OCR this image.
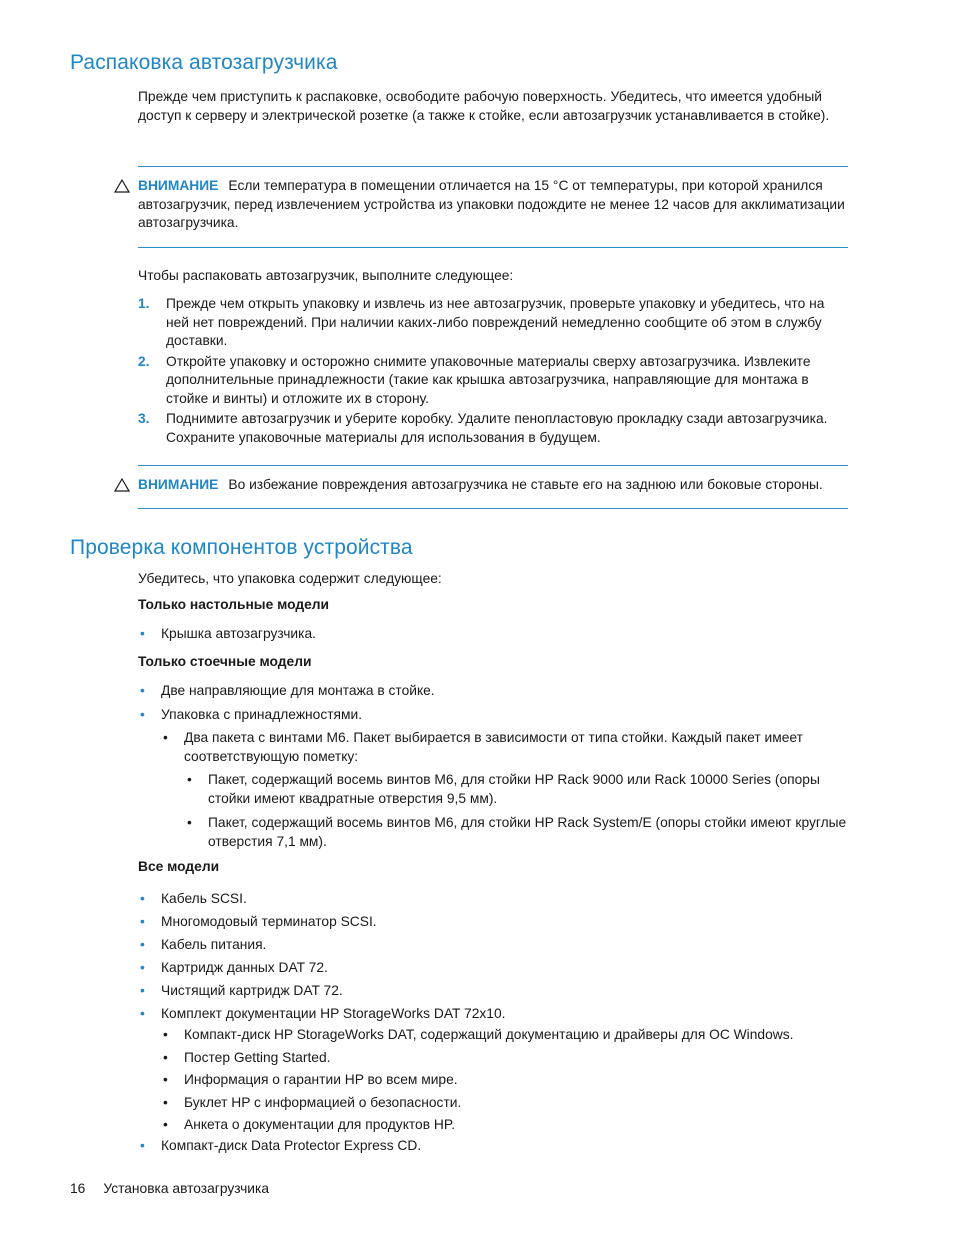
Распаковка автозагрузчика
Прежде чем приступить к распаковке, освободите рабочую поверхность. Убедитесь, что имеется удобный доступ к серверу и электрической розетке (а также к стойке, если автозагрузчик устанавливается в стойке).
ВНИМАНИЕ Если температура в помещении отличается на 15 °C от температуры, при которой хранился автозагрузчик, перед извлечением устройства из упаковки подождите не менее 12 часов для акклиматизации автозагрузчика.
Чтобы распаковать автозагрузчик, выполните следующее:
1. Прежде чем открыть упаковку и извлечь из нее автозагрузчик, проверьте упаковку и убедитесь, что на ней нет повреждений. При наличии каких-либо повреждений немедленно сообщите об этом в службу доставки.
2. Откройте упаковку и осторожно снимите упаковочные материалы сверху автозагрузчика. Извлеките дополнительные принадлежности (такие как крышка автозагрузчика, направляющие для монтажа в стойке и винты) и отложите их в сторону.
3. Поднимите автозагрузчик и уберите коробку. Удалите пенопластовую прокладку сзади автозагрузчика. Сохраните упаковочные материалы для использования в будущем.
ВНИМАНИЕ Во избежание повреждения автозагрузчика не ставьте его на заднюю или боковые стороны.
Проверка компонентов устройства
Убедитесь, что упаковка содержит следующее:
Только настольные модели
• Крышка автозагрузчика.
Только стоечные модели
• Две направляющие для монтажа в стойке.
• Упаковка с принадлежностями.
• Два пакета с винтами M6. Пакет выбирается в зависимости от типа стойки. Каждый пакет имеет соответствующую пометку:
• Пакет, содержащий восемь винтов M6, для стойки HP Rack 9000 или Rack 10000 Series (опоры стойки имеют квадратные отверстия 9,5 мм).
• Пакет, содержащий восемь винтов M6, для стойки HP Rack System/E (опоры стойки имеют круглые отверстия 7,1 мм).
Все модели
• Кабель SCSI.
• Многомодовый терминатор SCSI.
• Кабель питания.
• Картридж данных DAT 72.
• Чистящий картридж DAT 72.
• Комплект документации HP StorageWorks DAT 72x10.
• Компакт-диск HP StorageWorks DAT, содержащий документацию и драйверы для ОС Windows.
• Постер Getting Started.
• Информация о гарантии HP во всем мире.
• Буклет HP с информацией о безопасности.
• Анкета о документации для продуктов HP.
• Компакт-диск Data Protector Express CD.
16 Установка автозагрузчика
